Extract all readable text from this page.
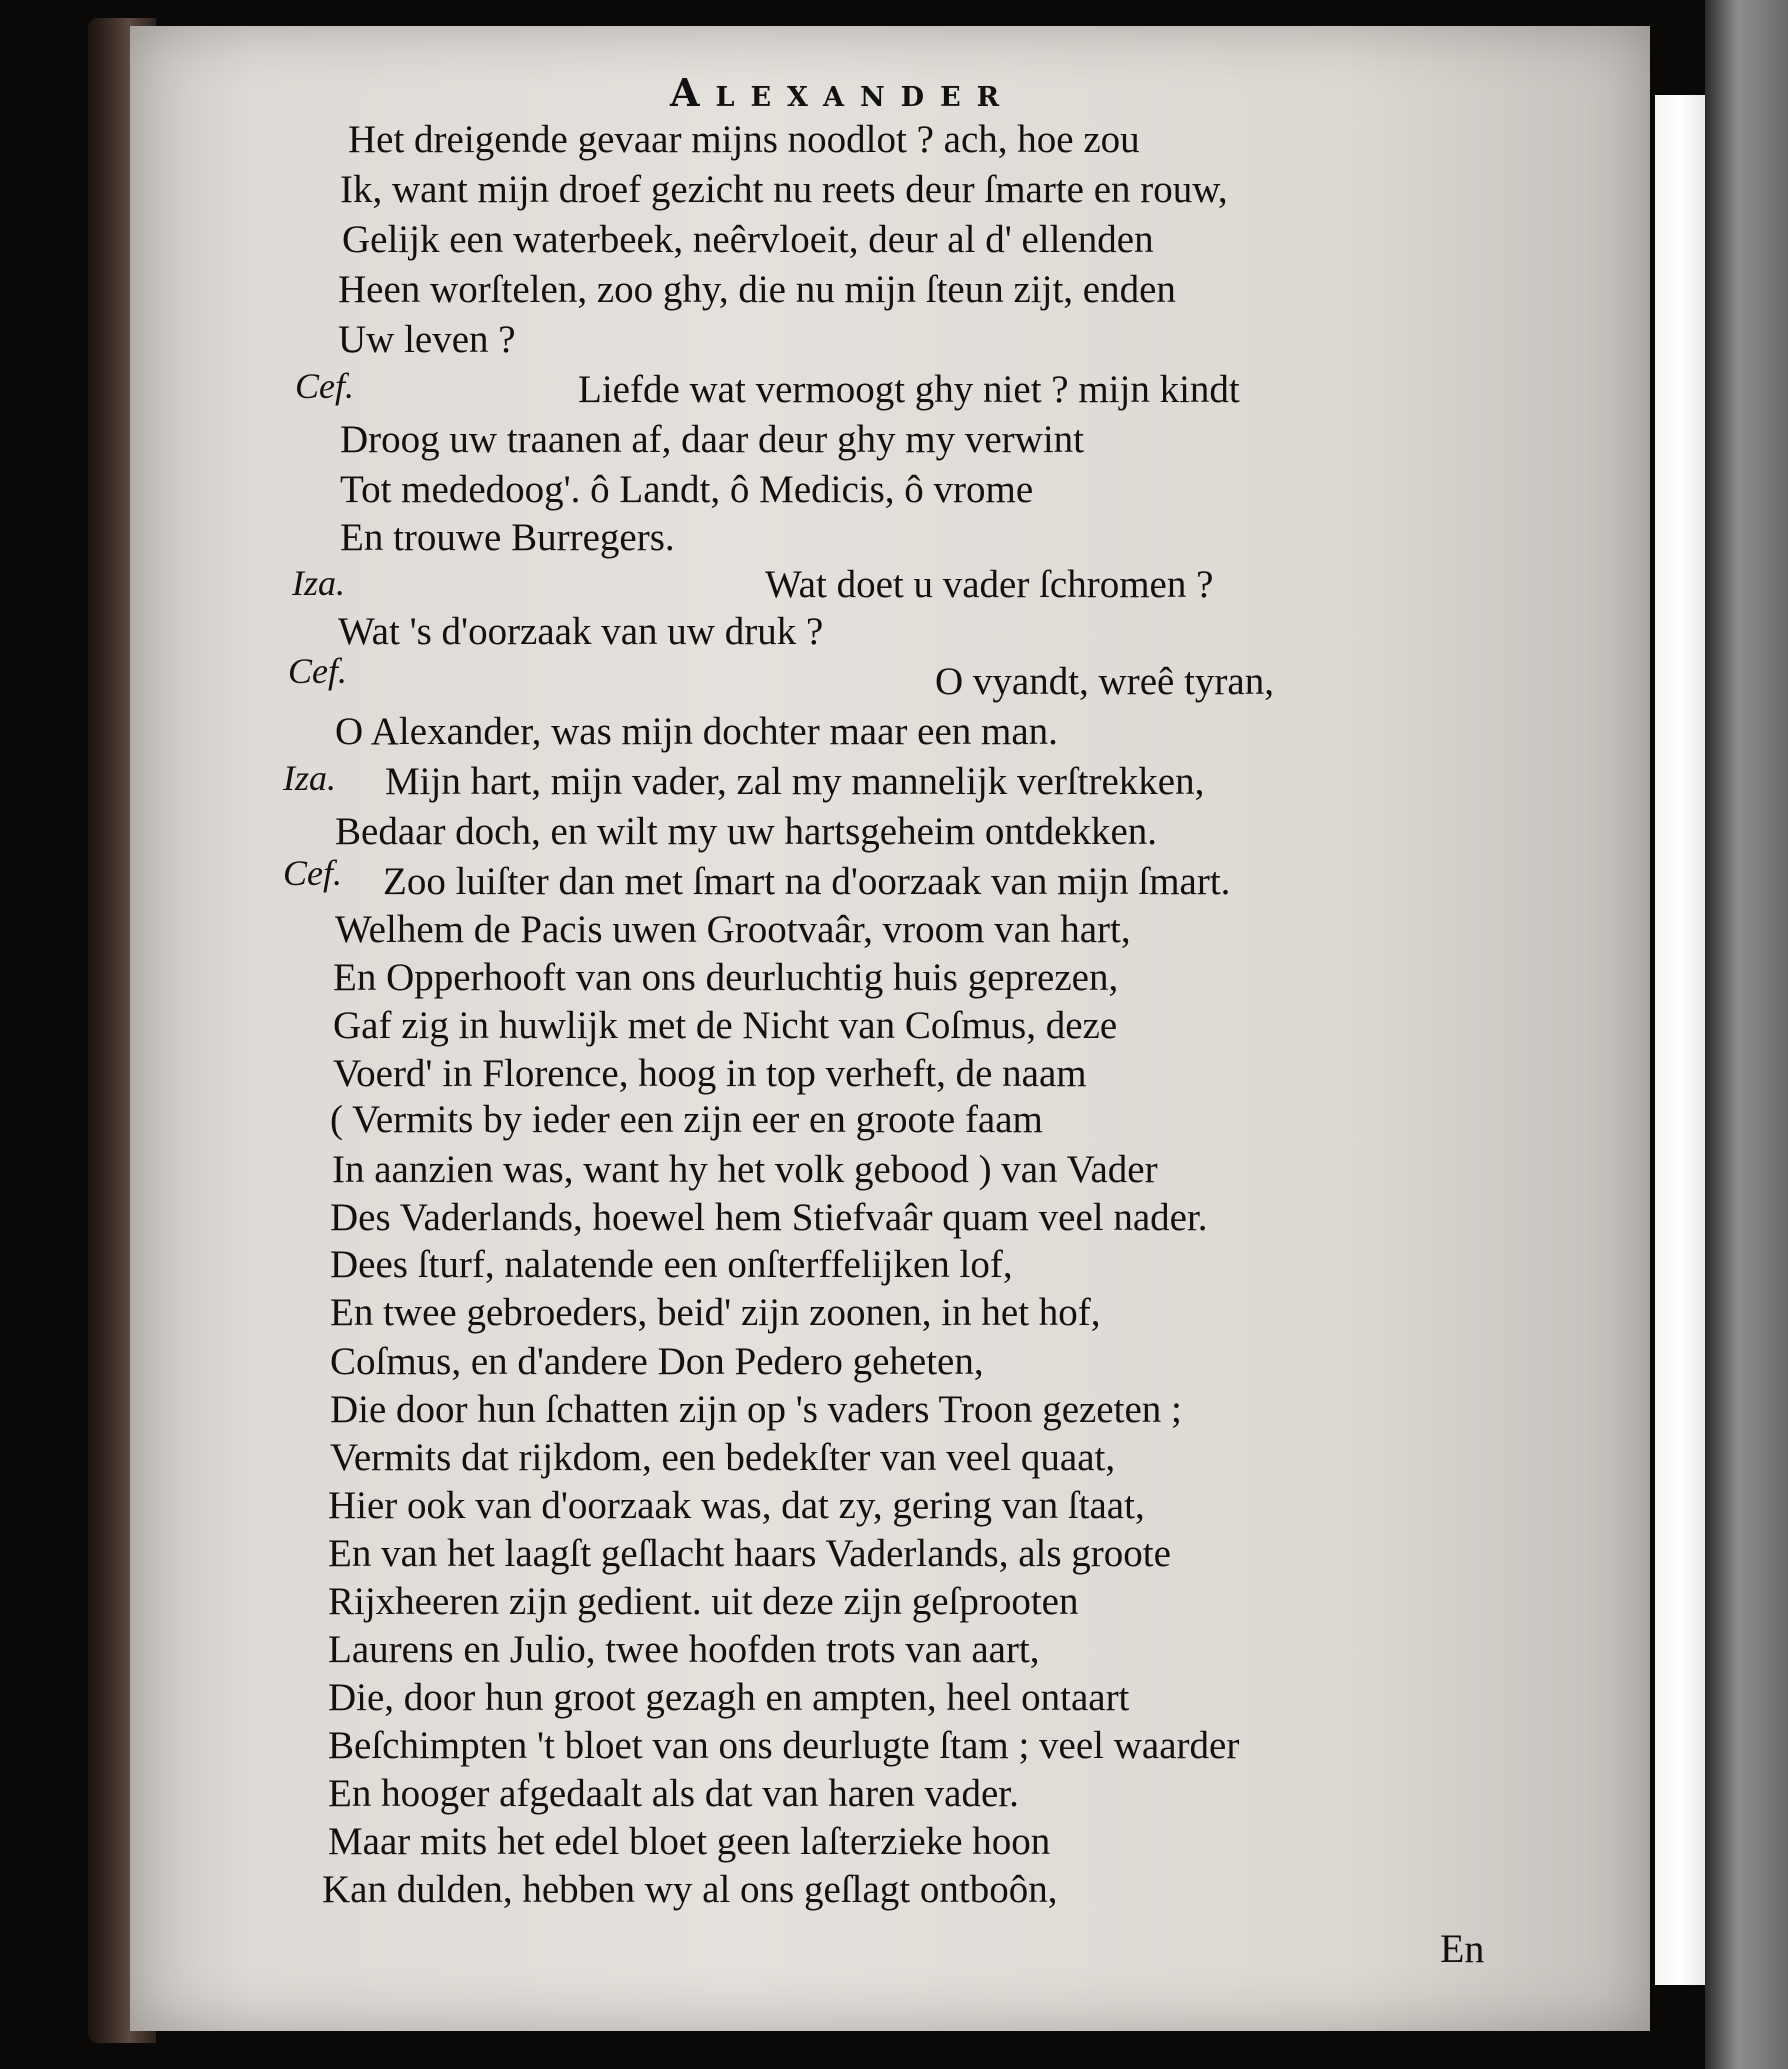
Alexander
Cef.
Iza.
Cef.
Iza.
Cef.
Het dreigende gevaar mijns noodlot ? ach, hoe zou
Ik, want mijn droef gezicht nu reets deur ſmarte en rouw,
Gelijk een waterbeek, neêrvloeit, deur al d' ellenden
Heen worſtelen, zoo ghy, die nu mijn ſteun zijt, enden
Uw leven ?
Liefde wat vermoogt ghy niet ? mijn kindt
Droog uw traanen af, daar deur ghy my verwint
Tot mededoog'. ô Landt, ô Medicis, ô vrome
En trouwe Burregers.
Wat doet u vader ſchromen ?
Wat 's d'oorzaak van uw druk ?
O vyandt, wreê tyran,
O Alexander, was mijn dochter maar een man.
Mijn hart, mijn vader, zal my mannelijk verſtrekken,
Bedaar doch, en wilt my uw hartsgeheim ontdekken.
Zoo luiſter dan met ſmart na d'oorzaak van mijn ſmart.
Welhem de Pacis uwen Grootvaâr, vroom van hart,
En Opperhooft van ons deurluchtig huis geprezen,
Gaf zig in huwlijk met de Nicht van Coſmus, deze
Voerd' in Florence, hoog in top verheft, de naam
( Vermits by ieder een zijn eer en groote faam
In aanzien was, want hy het volk gebood ) van Vader
Des Vaderlands, hoewel hem Stiefvaâr quam veel nader.
Dees ſturf, nalatende een onſterffelijken lof,
En twee gebroeders, beid' zijn zoonen, in het hof,
Coſmus, en d'andere Don Pedero geheten,
Die door hun ſchatten zijn op 's vaders Troon gezeten ;
Vermits dat rijkdom, een bedekſter van veel quaat,
Hier ook van d'oorzaak was, dat zy, gering van ſtaat,
En van het laagſt geſlacht haars Vaderlands, als groote
Rijxheeren zijn gedient. uit deze zijn geſprooten
Laurens en Julio, twee hoofden trots van aart,
Die, door hun groot gezagh en ampten, heel ontaart
Beſchimpten 't bloet van ons deurlugte ſtam ; veel waarder
En hooger afgedaalt als dat van haren vader.
Maar mits het edel bloet geen laſterzieke hoon
Kan dulden, hebben wy al ons geſlagt ontboôn,
En
